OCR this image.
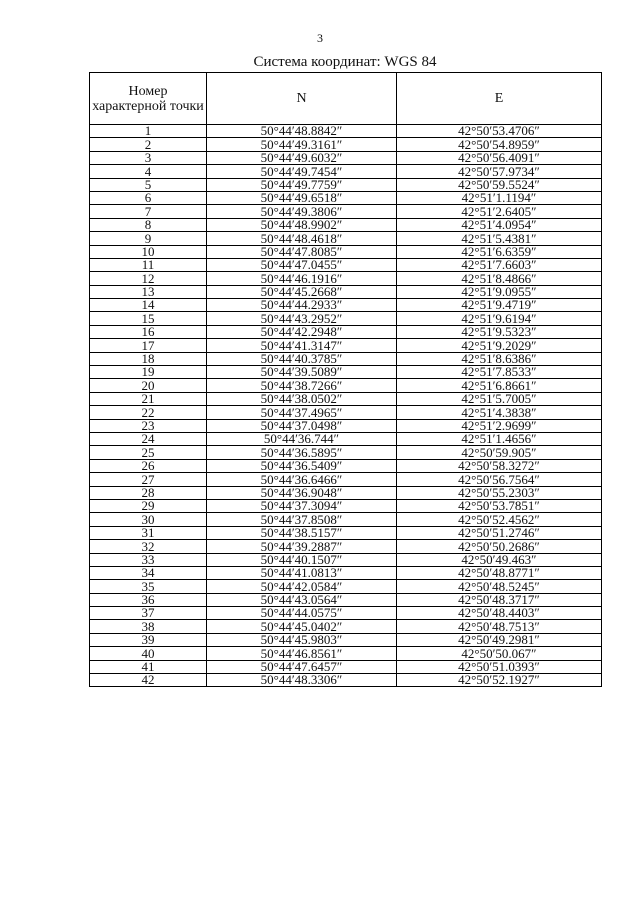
3
Система координат: WGS 84
Номер характерной точки	N	E
1	50°44′48.8842″	42°50′53.4706″
2	50°44′49.3161″	42°50′54.8959″
3	50°44′49.6032″	42°50′56.4091″
4	50°44′49.7454″	42°50′57.9734″
5	50°44′49.7759″	42°50′59.5524″
6	50°44′49.6518″	42°51′1.1194″
7	50°44′49.3806″	42°51′2.6405″
8	50°44′48.9902″	42°51′4.0954″
9	50°44′48.4618″	42°51′5.4381″
10	50°44′47.8085″	42°51′6.6359″
11	50°44′47.0455″	42°51′7.6603″
12	50°44′46.1916″	42°51′8.4866″
13	50°44′45.2668″	42°51′9.0955″
14	50°44′44.2933″	42°51′9.4719″
15	50°44′43.2952″	42°51′9.6194″
16	50°44′42.2948″	42°51′9.5323″
17	50°44′41.3147″	42°51′9.2029″
18	50°44′40.3785″	42°51′8.6386″
19	50°44′39.5089″	42°51′7.8533″
20	50°44′38.7266″	42°51′6.8661″
21	50°44′38.0502″	42°51′5.7005″
22	50°44′37.4965″	42°51′4.3838″
23	50°44′37.0498″	42°51′2.9699″
24	50°44′36.744″	42°51′1.4656″
25	50°44′36.5895″	42°50′59.905″
26	50°44′36.5409″	42°50′58.3272″
27	50°44′36.6466″	42°50′56.7564″
28	50°44′36.9048″	42°50′55.2303″
29	50°44′37.3094″	42°50′53.7851″
30	50°44′37.8508″	42°50′52.4562″
31	50°44′38.5157″	42°50′51.2746″
32	50°44′39.2887″	42°50′50.2686″
33	50°44′40.1507″	42°50′49.463″
34	50°44′41.0813″	42°50′48.8771″
35	50°44′42.0584″	42°50′48.5245″
36	50°44′43.0564″	42°50′48.3717″
37	50°44′44.0575″	42°50′48.4403″
38	50°44′45.0402″	42°50′48.7513″
39	50°44′45.9803″	42°50′49.2981″
40	50°44′46.8561″	42°50′50.067″
41	50°44′47.6457″	42°50′51.0393″
42	50°44′48.3306″	42°50′52.1927″
